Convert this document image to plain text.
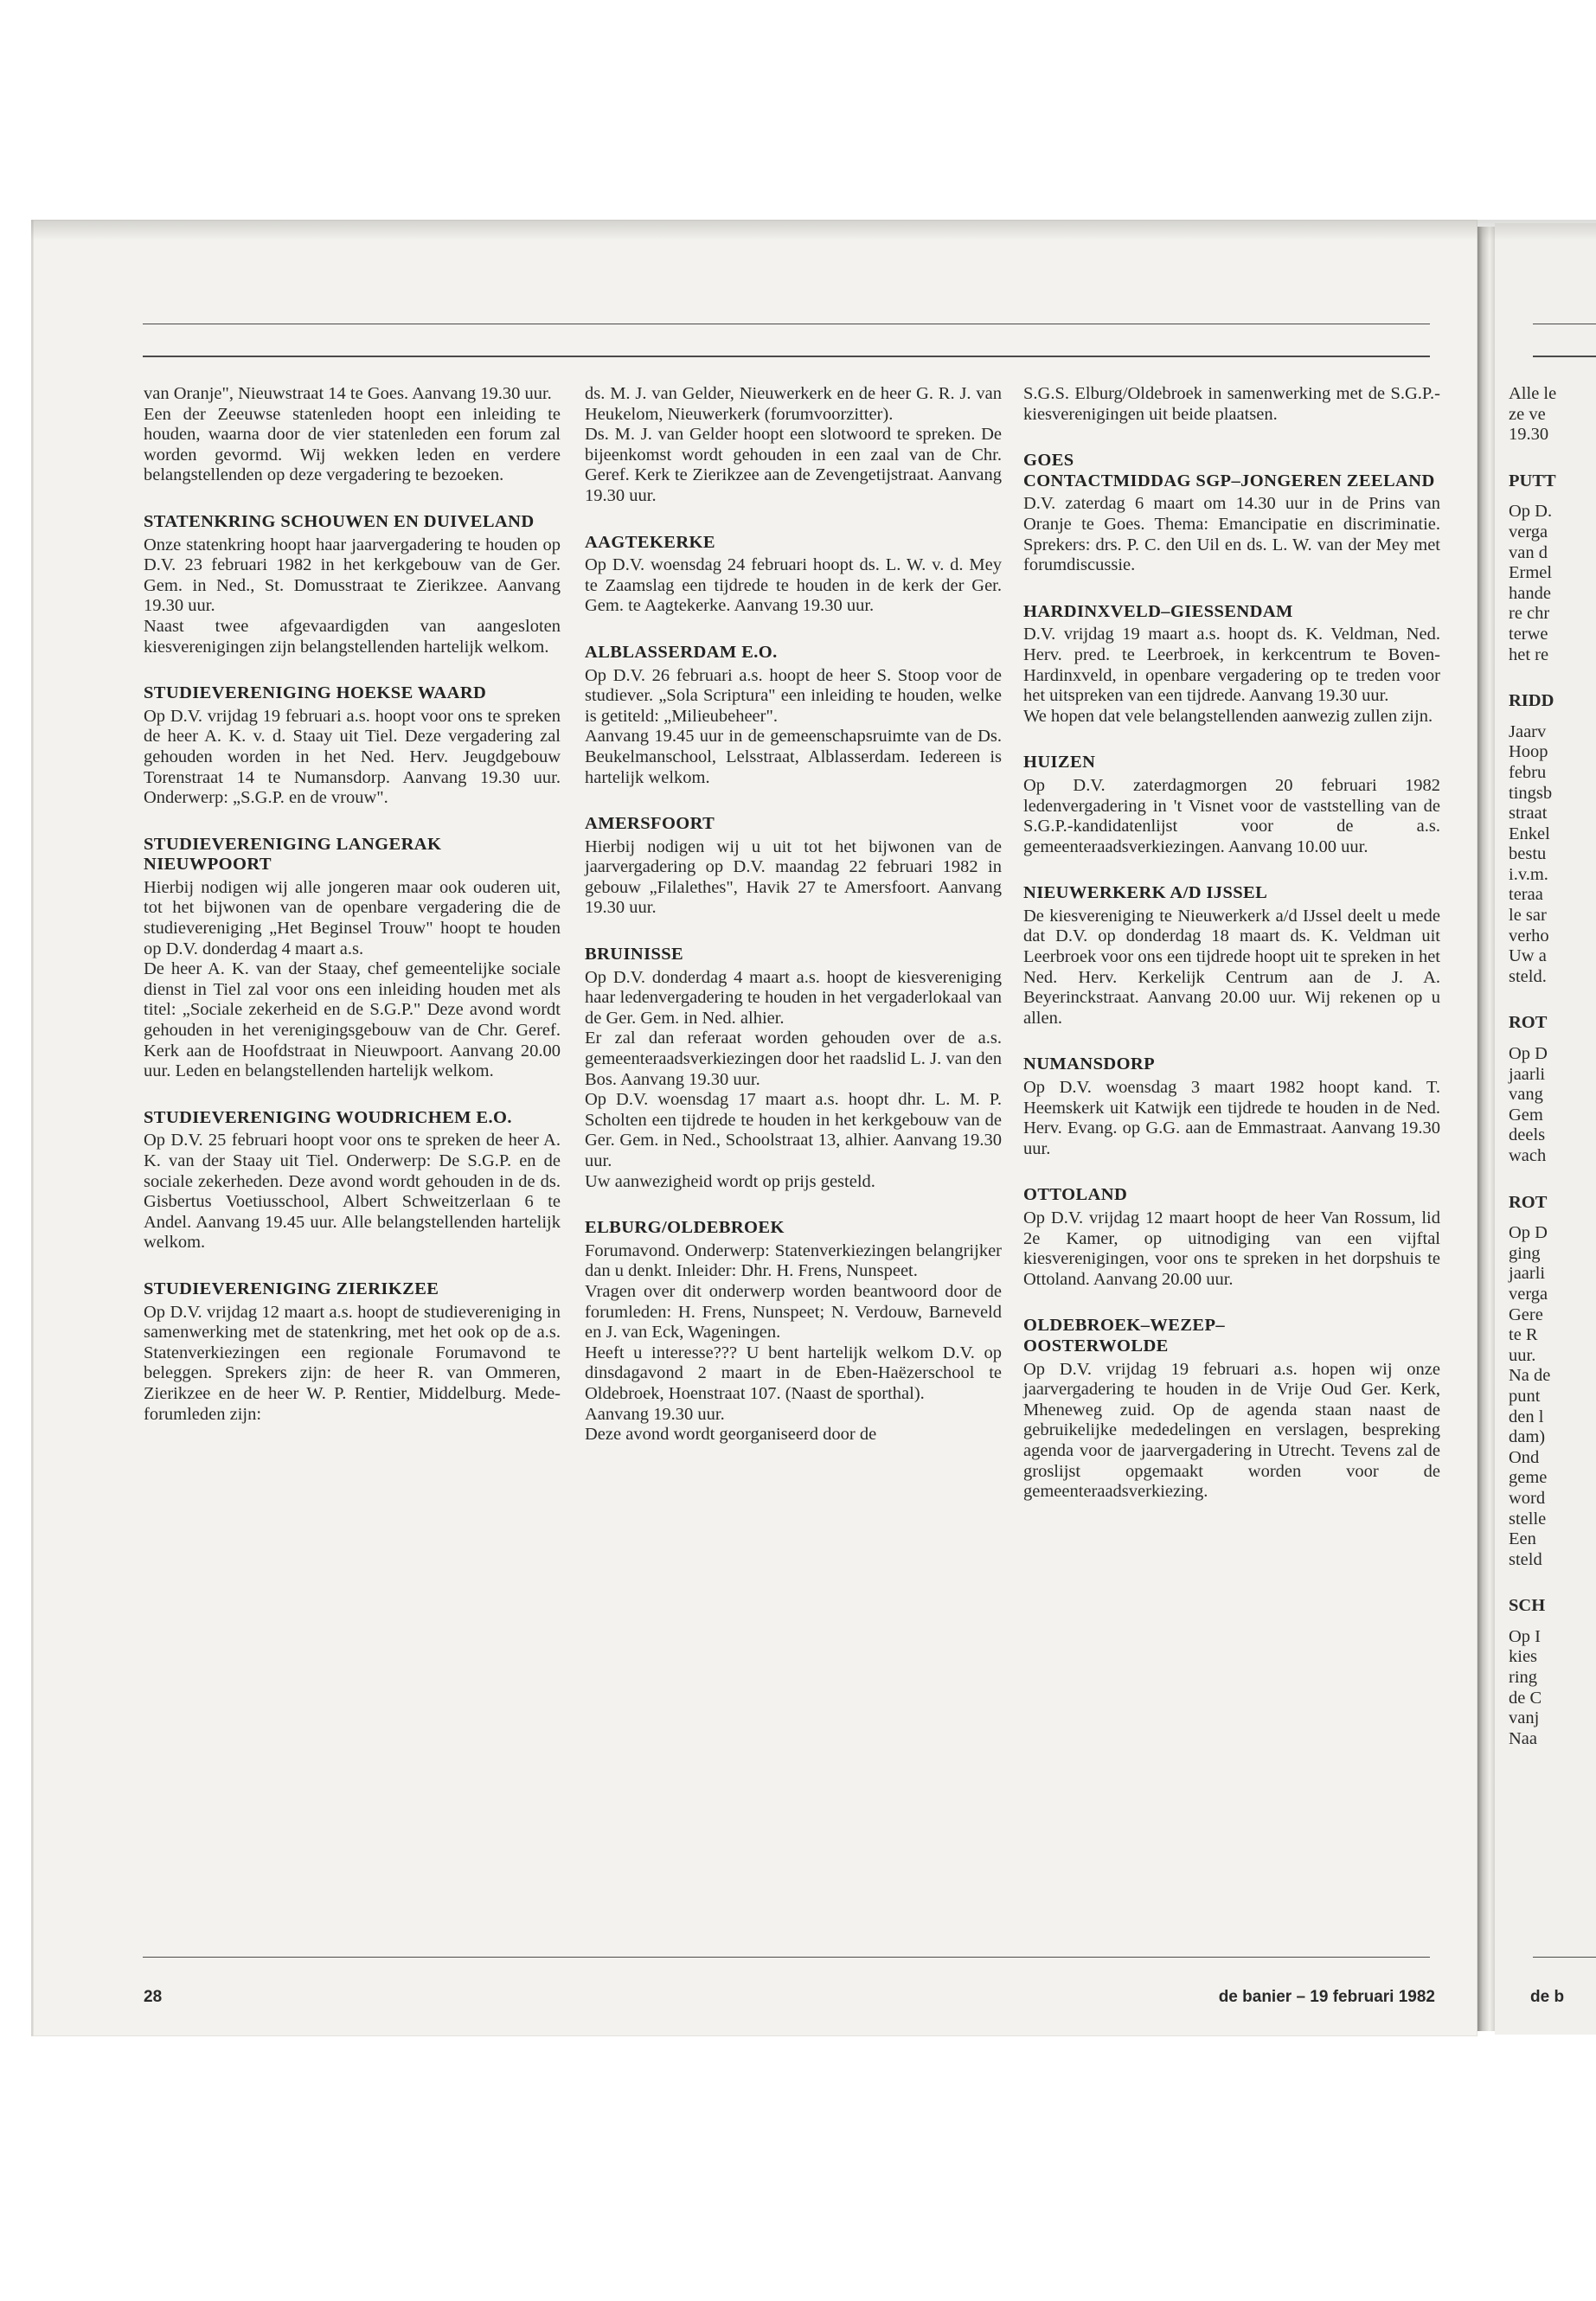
Alle le
ze ve
19.30
PUTT
Op D.
verga
van d
Ermel
hande
re chr
terwe
het re
RIDD
Jaarv
Hoop
febru
tingsb
straat
Enkel
bestu
i.v.m.
teraa
le sar
verho
Uw a
steld.
ROT
Op D
jaarli
vang
Gem
deels
wach
ROT
Op D
ging
jaarli
verga
Gere
te R
uur.
Na de
punt
den l
dam)
Ond
geme
word
stelle
Een
steld
SCH
Op I
kies
ring
de C
vanj
Naa

van Oranje", Nieuwstraat 14 te Goes. Aanvang 19.30 uur.

Een der Zeeuwse statenleden hoopt een inleiding te houden, waarna door de vier statenleden een forum zal worden gevormd. Wij wekken leden en verdere belangstellenden op deze vergadering te bezoeken.

STATENKRING SCHOUWEN EN DUIVELAND

Onze statenkring hoopt haar jaarvergadering te houden op D.V. 23 februari 1982 in het kerkgebouw van de Ger. Gem. in Ned., St. Domusstraat te Zierikzee. Aanvang 19.30 uur.

Naast twee afgevaardigden van aangesloten kiesverenigingen zijn belangstellenden hartelijk welkom.

STUDIEVERENIGING HOEKSE WAARD

Op D.V. vrijdag 19 februari a.s. hoopt voor ons te spreken de heer A. K. v. d. Staay uit Tiel. Deze vergadering zal gehouden worden in het Ned. Herv. Jeugdgebouw Torenstraat 14 te Numansdorp. Aanvang 19.30 uur. Onderwerp: „S.G.P. en de vrouw".

STUDIEVERENIGING LANGERAK NIEUWPOORT

Hierbij nodigen wij alle jongeren maar ook ouderen uit, tot het bijwonen van de openbare vergadering die de studievereniging „Het Beginsel Trouw" hoopt te houden op D.V. donderdag 4 maart a.s.

De heer A. K. van der Staay, chef gemeentelijke sociale dienst in Tiel zal voor ons een inleiding houden met als titel: „Sociale zekerheid en de S.G.P." Deze avond wordt gehouden in het verenigingsgebouw van de Chr. Geref. Kerk aan de Hoofdstraat in Nieuwpoort. Aanvang 20.00 uur. Leden en belangstellenden hartelijk welkom.

STUDIEVERENIGING WOUDRICHEM E.O.

Op D.V. 25 februari hoopt voor ons te spreken de heer A. K. van der Staay uit Tiel. Onderwerp: De S.G.P. en de sociale zekerheden. Deze avond wordt gehouden in de ds. Gisbertus Voetiusschool, Albert Schweitzerlaan 6 te Andel. Aanvang 19.45 uur. Alle belangstellenden hartelijk welkom.

STUDIEVERENIGING ZIERIKZEE

Op D.V. vrijdag 12 maart a.s. hoopt de studievereniging in samenwerking met de statenkring, met het ook op de a.s. Statenverkiezingen een regionale Forumavond te beleggen. Sprekers zijn: de heer R. van Ommeren, Zierikzee en de heer W. P. Rentier, Middelburg. Mede-forumleden zijn:

ds. M. J. van Gelder, Nieuwerkerk en de heer G. R. J. van Heukelom, Nieuwerkerk (forumvoorzitter).

Ds. M. J. van Gelder hoopt een slotwoord te spreken. De bijeenkomst wordt gehouden in een zaal van de Chr. Geref. Kerk te Zierikzee aan de Zevengetijstraat. Aanvang 19.30 uur.

AAGTEKERKE

Op D.V. woensdag 24 februari hoopt ds. L. W. v. d. Mey te Zaamslag een tijdrede te houden in de kerk der Ger. Gem. te Aagtekerke. Aanvang 19.30 uur.

ALBLASSERDAM E.O.

Op D.V. 26 februari a.s. hoopt de heer S. Stoop voor de studiever. „Sola Scriptura" een inleiding te houden, welke is getiteld: „Milieubeheer".

Aanvang 19.45 uur in de gemeenschapsruimte van de Ds. Beukelmanschool, Lelsstraat, Alblasserdam. Iedereen is hartelijk welkom.

AMERSFOORT

Hierbij nodigen wij u uit tot het bijwonen van de jaarvergadering op D.V. maandag 22 februari 1982 in gebouw „Filalethes", Havik 27 te Amersfoort. Aanvang 19.30 uur.

BRUINISSE

Op D.V. donderdag 4 maart a.s. hoopt de kiesvereniging haar ledenvergadering te houden in het vergaderlokaal van de Ger. Gem. in Ned. alhier.

Er zal dan referaat worden gehouden over de a.s. gemeenteraadsverkiezingen door het raadslid L. J. van den Bos. Aanvang 19.30 uur.

Op D.V. woensdag 17 maart a.s. hoopt dhr. L. M. P. Scholten een tijdrede te houden in het kerkgebouw van de Ger. Gem. in Ned., Schoolstraat 13, alhier. Aanvang 19.30 uur.

Uw aanwezigheid wordt op prijs gesteld.

ELBURG/OLDEBROEK

Forumavond. Onderwerp: Statenverkiezingen belangrijker dan u denkt. Inleider: Dhr. H. Frens, Nunspeet.

Vragen over dit onderwerp worden beantwoord door de forumleden: H. Frens, Nunspeet; N. Verdouw, Barneveld en J. van Eck, Wageningen.

Heeft u interesse??? U bent hartelijk welkom D.V. op dinsdagavond 2 maart in de Eben-Haëzerschool te Oldebroek, Hoenstraat 107. (Naast de sporthal).

Aanvang 19.30 uur.

Deze avond wordt georganiseerd door de

S.G.S. Elburg/Oldebroek in samenwerking met de S.G.P.-kiesverenigingen uit beide plaatsen.

GOES
CONTACTMIDDAG SGP–JONGEREN ZEELAND

D.V. zaterdag 6 maart om 14.30 uur in de Prins van Oranje te Goes. Thema: Emancipatie en discriminatie. Sprekers: drs. P. C. den Uil en ds. L. W. van der Mey met forumdiscussie.

HARDINXVELD–GIESSENDAM

D.V. vrijdag 19 maart a.s. hoopt ds. K. Veldman, Ned. Herv. pred. te Leerbroek, in kerkcentrum te Boven-Hardinxveld, in openbare vergadering op te treden voor het uitspreken van een tijdrede. Aanvang 19.30 uur.

We hopen dat vele belangstellenden aanwezig zullen zijn.

HUIZEN

Op D.V. zaterdagmorgen 20 februari 1982 ledenvergadering in 't Visnet voor de vaststelling van de S.G.P.-kandidatenlijst voor de a.s. gemeenteraadsverkiezingen. Aanvang 10.00 uur.

NIEUWERKERK A/D IJSSEL

De kiesvereniging te Nieuwerkerk a/d IJssel deelt u mede dat D.V. op donderdag 18 maart ds. K. Veldman uit Leerbroek voor ons een tijdrede hoopt uit te spreken in het Ned. Herv. Kerkelijk Centrum aan de J. A. Beyerinckstraat. Aanvang 20.00 uur. Wij rekenen op u allen.

NUMANSDORP

Op D.V. woensdag 3 maart 1982 hoopt kand. T. Heemskerk uit Katwijk een tijdrede te houden in de Ned. Herv. Evang. op G.G. aan de Emmastraat. Aanvang 19.30 uur.

OTTOLAND

Op D.V. vrijdag 12 maart hoopt de heer Van Rossum, lid 2e Kamer, op uitnodiging van een vijftal kiesverenigingen, voor ons te spreken in het dorpshuis te Ottoland. Aanvang 20.00 uur.

OLDEBROEK–WEZEP–
OOSTERWOLDE

Op D.V. vrijdag 19 februari a.s. hopen wij onze jaarvergadering te houden in de Vrije Oud Ger. Kerk, Mheneweg zuid. Op de agenda staan naast de gebruikelijke mededelingen en verslagen, bespreking agenda voor de jaarvergadering in Utrecht. Tevens zal de groslijst opgemaakt worden voor de gemeenteraadsverkiezing.

28	de banier – 19 februari 1982	de b
